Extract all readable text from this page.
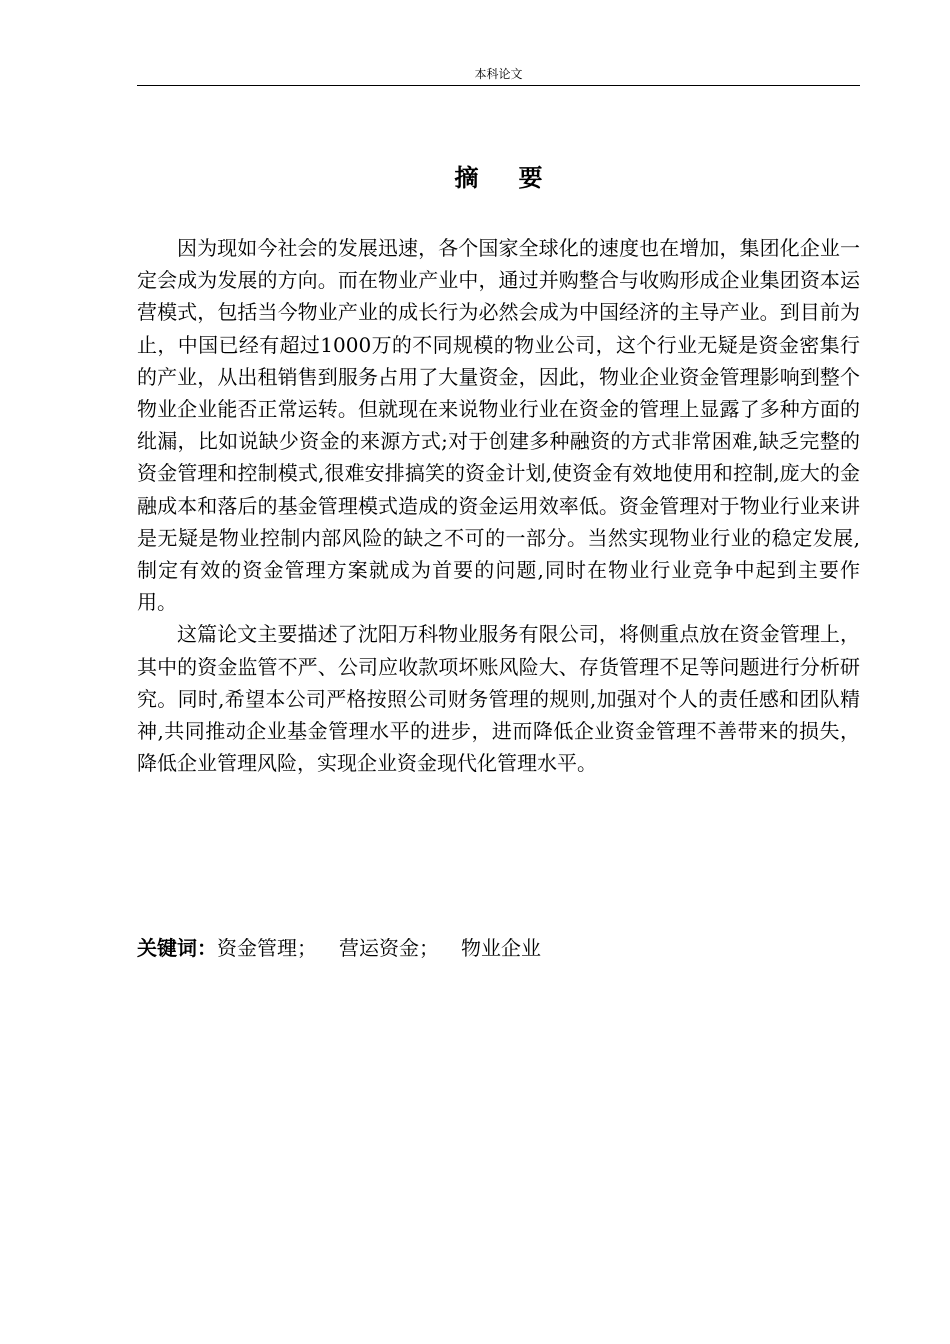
本科论文
摘要

因为现如今社会的发展迅速，各个国家全球化的速度也在增加，集团化企业一定会成为发展的方向。而在物业产业中，通过并购整合与收购形成企业集团资本运营模式，包括当今物业产业的成长行为必然会成为中国经济的主导产业。到目前为止，中国已经有超过1000万的不同规模的物业公司，这个行业无疑是资金密集行的产业，从出租销售到服务占用了大量资金，因此，物业企业资金管理影响到整个物业企业能否正常运转。但就现在来说物业行业在资金的管理上显露了多种方面的纰漏，比如说缺少资金的来源方式;对于创建多种融资的方式非常困难,缺乏完整的资金管理和控制模式,很难安排搞笑的资金计划,使资金有效地使用和控制,庞大的金融成本和落后的基金管理模式造成的资金运用效率低。资金管理对于物业行业来讲是无疑是物业控制内部风险的缺之不可的一部分。当然实现物业行业的稳定发展,制定有效的资金管理方案就成为首要的问题,同时在物业行业竞争中起到主要作用。

这篇论文主要描述了沈阳万科物业服务有限公司，将侧重点放在资金管理上，其中的资金监管不严、公司应收款项坏账风险大、存货管理不足等问题进行分析研究。同时,希望本公司严格按照公司财务管理的规则,加强对个人的责任感和团队精神,共同推动企业基金管理水平的进步，进而降低企业资金管理不善带来的损失，降低企业管理风险，实现企业资金现代化管理水平。

关键词：资金管理； 营运资金； 物业企业
